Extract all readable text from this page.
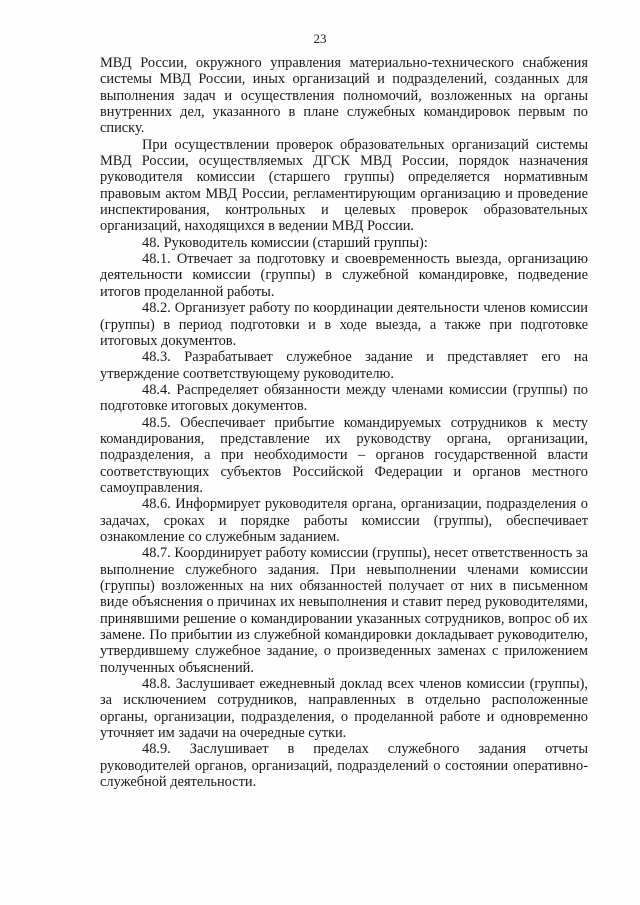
23

МВД России, окружного управления материально-технического снабжения системы МВД России, иных организаций и подразделений, созданных для выполнения задач и осуществления полномочий, возложенных на органы внутренних дел, указанного в плане служебных командировок первым по списку.

При осуществлении проверок образовательных организаций системы МВД России, осуществляемых ДГСК МВД России, порядок назначения руководителя комиссии (старшего группы) определяется нормативным правовым актом МВД России, регламентирующим организацию и проведение инспектирования, контрольных и целевых проверок образовательных организаций, находящихся в ведении МВД России.

48. Руководитель комиссии (старший группы):

48.1. Отвечает за подготовку и своевременность выезда, организацию деятельности комиссии (группы) в служебной командировке, подведение итогов проделанной работы.

48.2. Организует работу по координации деятельности членов комиссии (группы) в период подготовки и в ходе выезда, а также при подготовке итоговых документов.

48.3. Разрабатывает служебное задание и представляет его на утверждение соответствующему руководителю.

48.4. Распределяет обязанности между членами комиссии (группы) по подготовке итоговых документов.

48.5. Обеспечивает прибытие командируемых сотрудников к месту командирования, представление их руководству органа, организации, подразделения, а при необходимости – органов государственной власти соответствующих субъектов Российской Федерации и органов местного самоуправления.

48.6. Информирует руководителя органа, организации, подразделения о задачах, сроках и порядке работы комиссии (группы), обеспечивает ознакомление со служебным заданием.

48.7. Координирует работу комиссии (группы), несет ответственность за выполнение служебного задания. При невыполнении членами комиссии (группы) возложенных на них обязанностей получает от них в письменном виде объяснения о причинах их невыполнения и ставит перед руководителями, принявшими решение о командировании указанных сотрудников, вопрос об их замене. По прибытии из служебной командировки докладывает руководителю, утвердившему служебное задание, о произведенных заменах с приложением полученных объяснений.

48.8. Заслушивает ежедневный доклад всех членов комиссии (группы), за исключением сотрудников, направленных в отдельно расположенные органы, организации, подразделения, о проделанной работе и одновременно уточняет им задачи на очередные сутки.

48.9. Заслушивает в пределах служебного задания отчеты руководителей органов, организаций, подразделений о состоянии оперативно-служебной деятельности.
